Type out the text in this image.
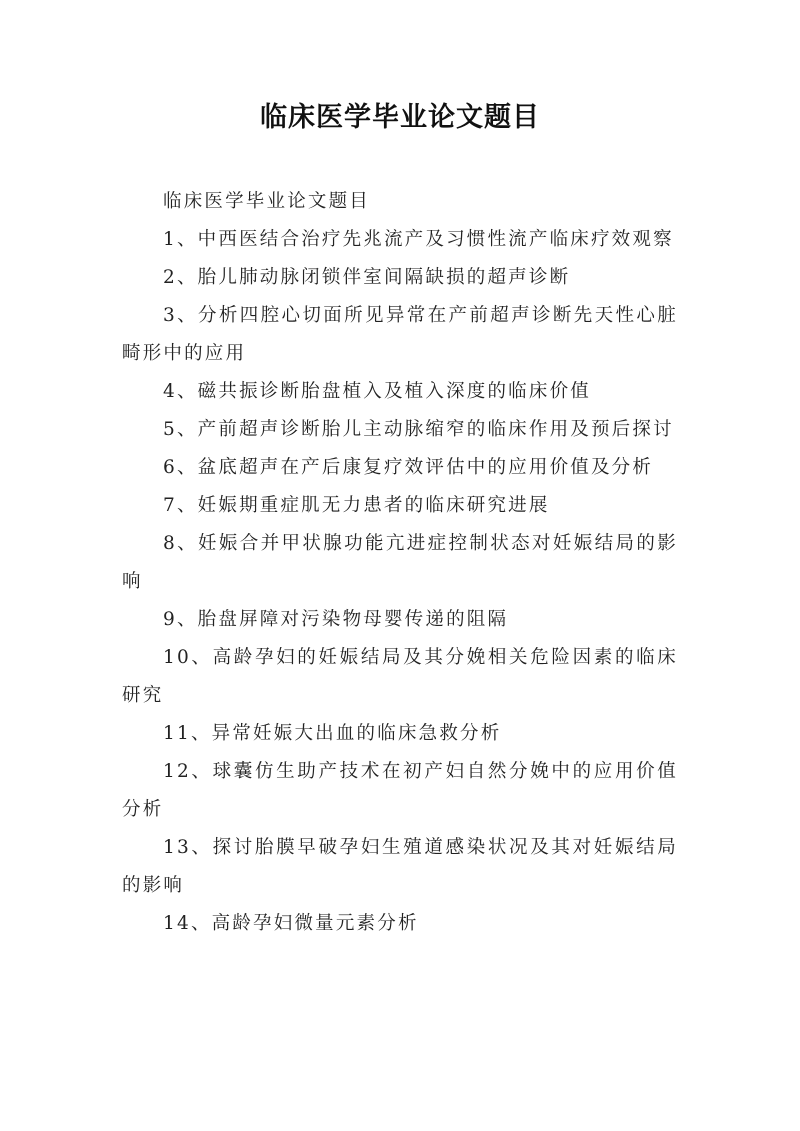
临床医学毕业论文题目

临床医学毕业论文题目

1、中西医结合治疗先兆流产及习惯性流产临床疗效观察

2、胎儿肺动脉闭锁伴室间隔缺损的超声诊断

3、分析四腔心切面所见异常在产前超声诊断先天性心脏畸形中的应用

4、磁共振诊断胎盘植入及植入深度的临床价值

5、产前超声诊断胎儿主动脉缩窄的临床作用及预后探讨

6、盆底超声在产后康复疗效评估中的应用价值及分析

7、妊娠期重症肌无力患者的临床研究进展

8、妊娠合并甲状腺功能亢进症控制状态对妊娠结局的影响

9、胎盘屏障对污染物母婴传递的阻隔

10、高龄孕妇的妊娠结局及其分娩相关危险因素的临床研究

11、异常妊娠大出血的临床急救分析

12、球囊仿生助产技术在初产妇自然分娩中的应用价值分析

13、探讨胎膜早破孕妇生殖道感染状况及其对妊娠结局的影响

14、高龄孕妇微量元素分析
